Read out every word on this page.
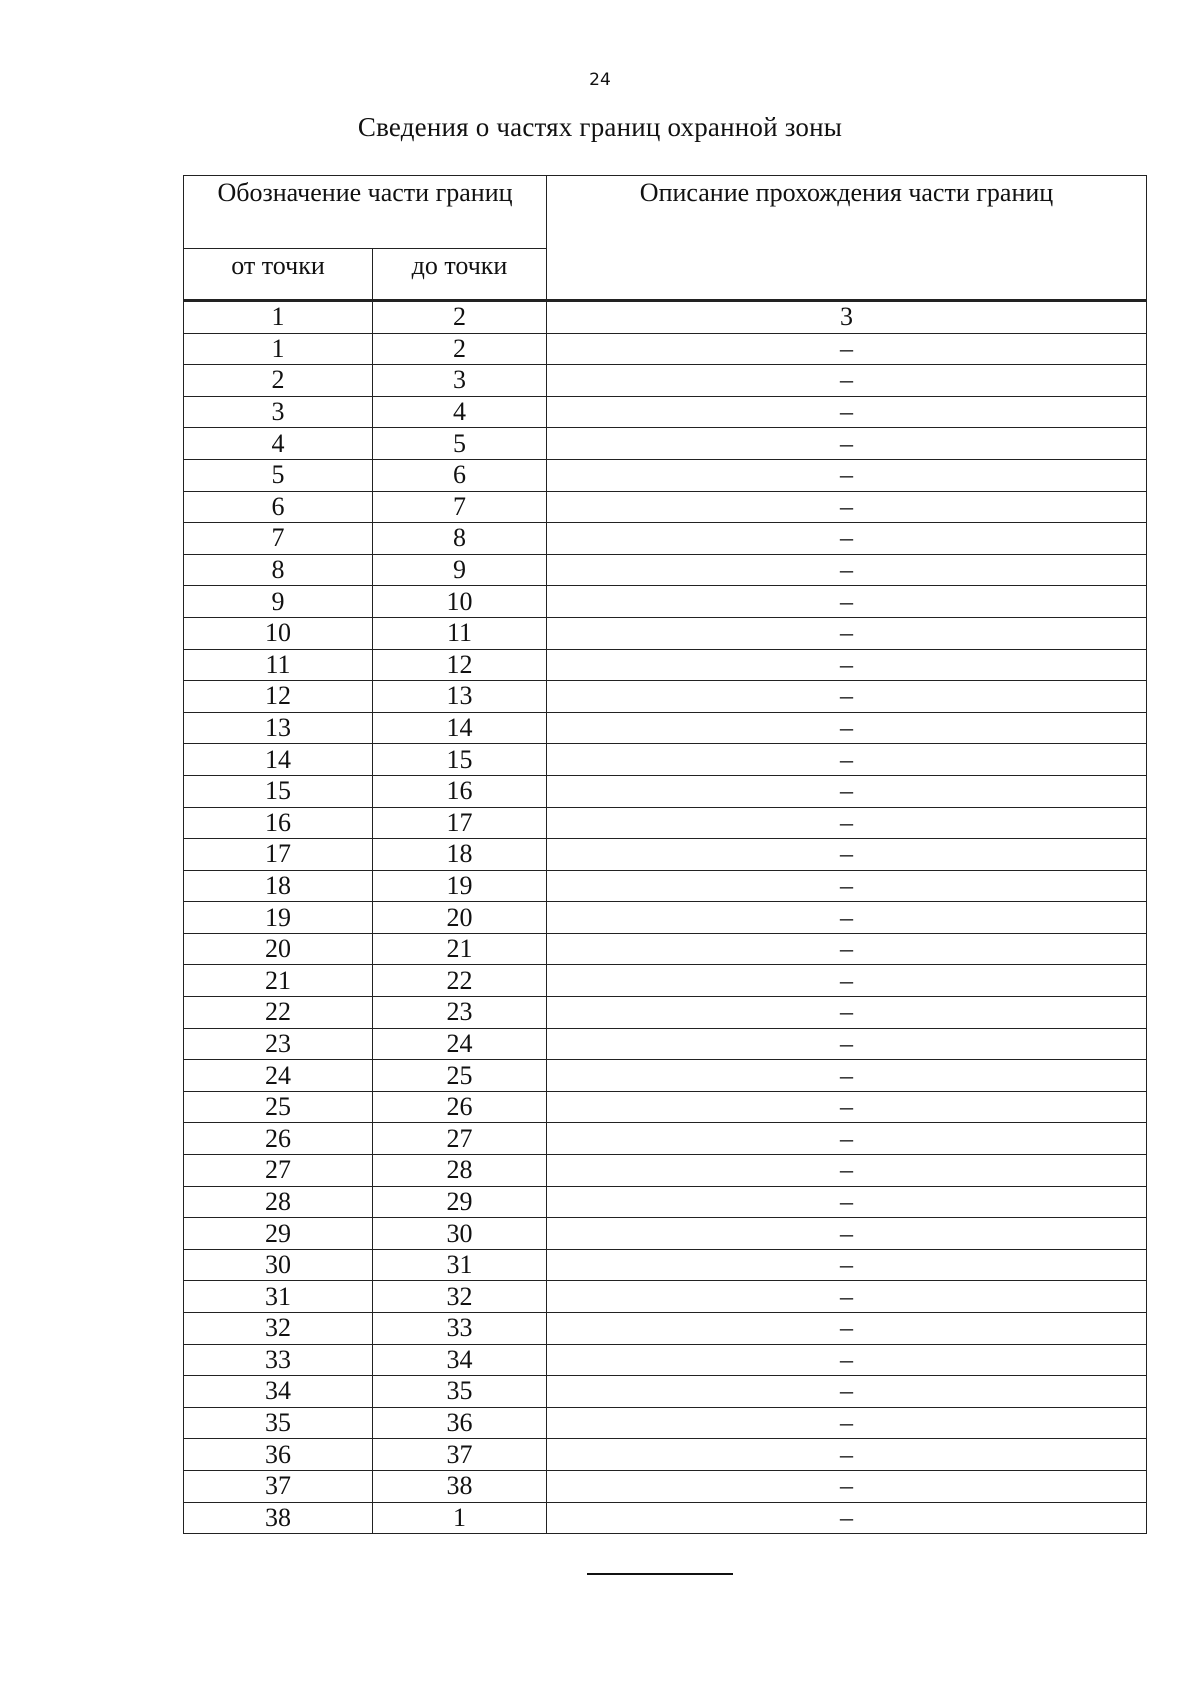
24
Сведения о частях границ охранной зоны
Обозначение части границ		Описание прохождения части границ
от точки	до точки	
1	2	3
1	2	–
2	3	–
3	4	–
4	5	–
5	6	–
6	7	–
7	8	–
8	9	–
9	10	–
10	11	–
11	12	–
12	13	–
13	14	–
14	15	–
15	16	–
16	17	–
17	18	–
18	19	–
19	20	–
20	21	–
21	22	–
22	23	–
23	24	–
24	25	–
25	26	–
26	27	–
27	28	–
28	29	–
29	30	–
30	31	–
31	32	–
32	33	–
33	34	–
34	35	–
35	36	–
36	37	–
37	38	–
38	1	–
